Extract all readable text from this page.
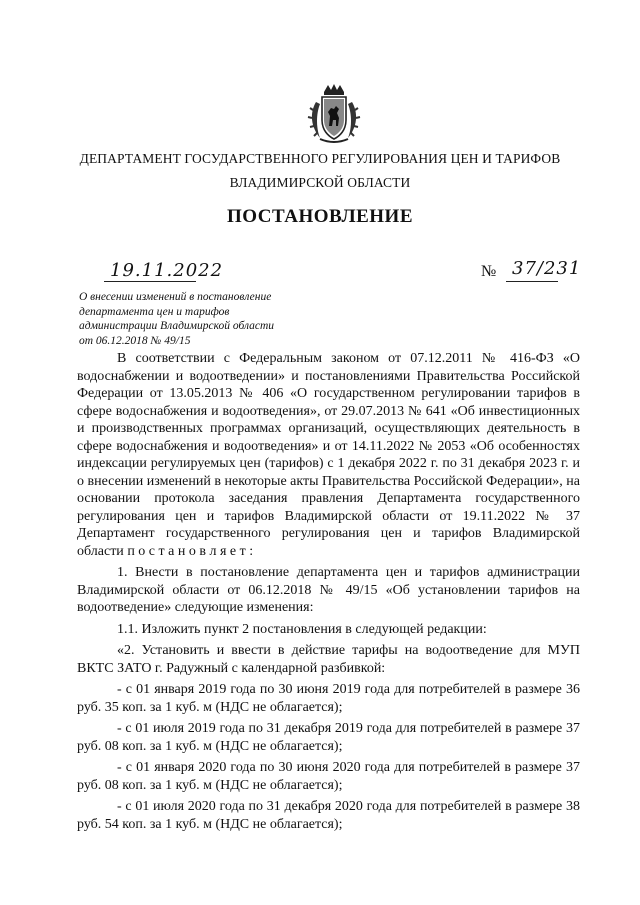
ДЕПАРТАМЕНТ ГОСУДАРСТВЕННОГО РЕГУЛИРОВАНИЯ ЦЕН И ТАРИФОВ
ВЛАДИМИРСКОЙ ОБЛАСТИ
ПОСТАНОВЛЕНИЕ
19.11.2022	№ 37/231
О внесении изменений в постановление
департамента цен и тарифов
администрации Владимирской области
от 06.12.2018 № 49/15

В соответствии с Федеральным законом от 07.12.2011 № 416-ФЗ «О водоснабжении и водоотведении» и постановлениями Правительства Российской Федерации от 13.05.2013 № 406 «О государственном регулировании тарифов в сфере водоснабжения и водоотведения», от 29.07.2013 № 641 «Об инвестиционных и производственных программах организаций, осуществляющих деятельность в сфере водоснабжения и водоотведения» и от 14.11.2022 № 2053 «Об особенностях индексации регулируемых цен (тарифов) с 1 декабря 2022 г. по 31 декабря 2023 г. и о внесении изменений в некоторые акты Правительства Российской Федерации», на основании протокола заседания правления Департамента государственного регулирования цен и тарифов Владимирской области от 19.11.2022 № 37 Департамент государственного регулирования цен и тарифов Владимирской области п о с т а н о в л я е т :

1. Внести в постановление департамента цен и тарифов администрации Владимирской области от 06.12.2018 № 49/15 «Об установлении тарифов на водоотведение» следующие изменения:

1.1. Изложить пункт 2 постановления в следующей редакции:

«2. Установить и ввести в действие тарифы на водоотведение для МУП ВКТС ЗАТО г. Радужный с календарной разбивкой:

- с 01 января 2019 года по 30 июня 2019 года для потребителей в размере 36 руб. 35 коп. за 1 куб. м (НДС не облагается);

- с 01 июля 2019 года по 31 декабря 2019 года для потребителей в размере 37 руб. 08 коп. за 1 куб. м (НДС не облагается);

- с 01 января 2020 года по 30 июня 2020 года для потребителей в размере 37 руб. 08 коп. за 1 куб. м (НДС не облагается);

- с 01 июля 2020 года по 31 декабря 2020 года для потребителей в размере 38 руб. 54 коп. за 1 куб. м (НДС не облагается);
